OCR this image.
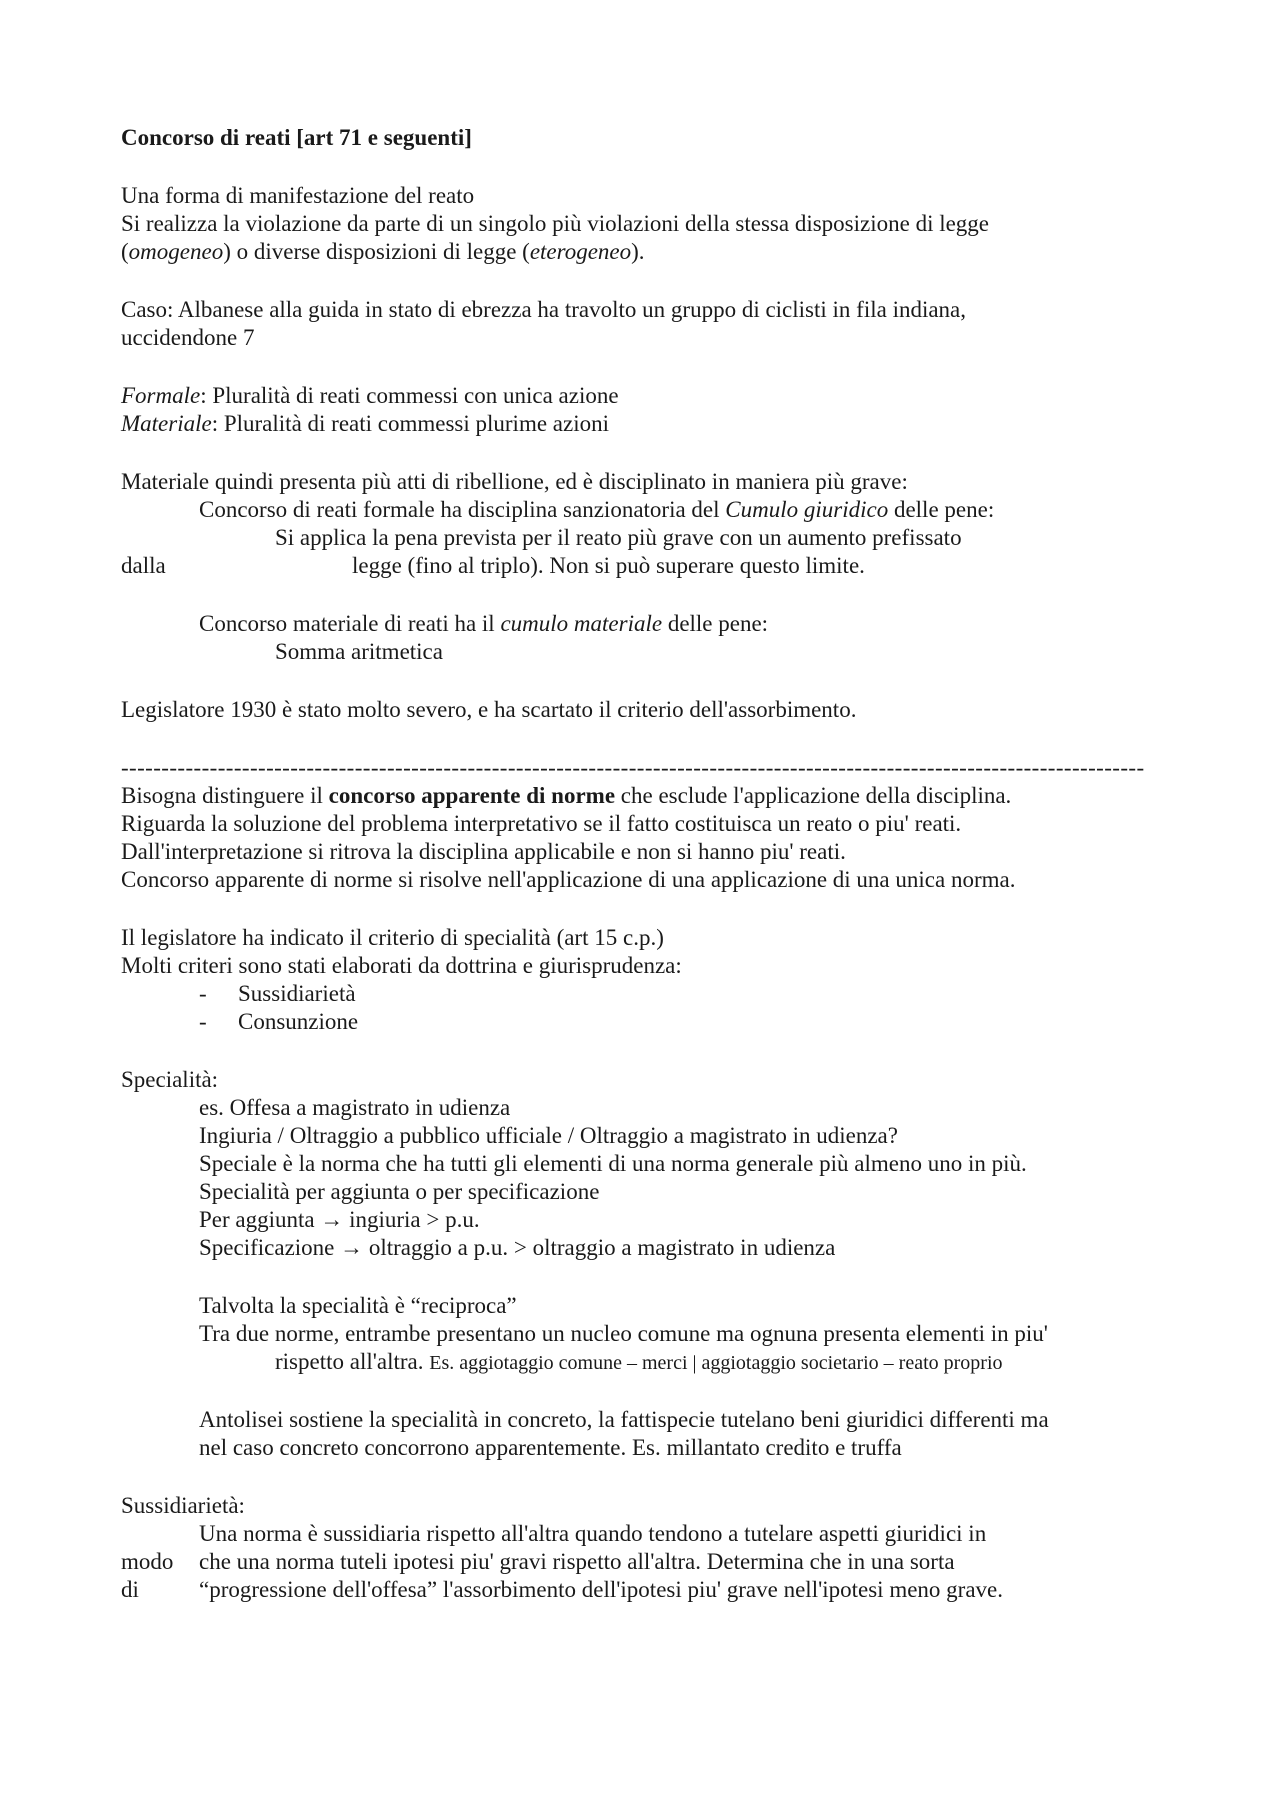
Concorso di reati [art 71 e seguenti]
Una forma di manifestazione del reato
Si realizza la violazione da parte di un singolo più violazioni della stessa disposizione di legge
(omogeneo) o diverse disposizioni di legge (eterogeneo).
Caso: Albanese alla guida in stato di ebrezza ha travolto un gruppo di ciclisti in fila indiana,
uccidendone 7
Formale: Pluralità di reati commessi con unica azione
Materiale: Pluralità di reati commessi plurime azioni
Materiale quindi presenta più atti di ribellione, ed è disciplinato in maniera più grave:
Concorso di reati formale ha disciplina sanzionatoria del Cumulo giuridico delle pene:
Si applica la pena prevista per il reato più grave con un aumento prefissato
dalla	legge (fino al triplo). Non si può superare questo limite.
Concorso materiale di reati ha il cumulo materiale delle pene:
Somma aritmetica
Legislatore 1930 è stato molto severo, e ha scartato il criterio dell'assorbimento.
-------------------------------------------------------------------------------------------------------------------------------
Bisogna distinguere il concorso apparente di norme che esclude l'applicazione della disciplina.
Riguarda la soluzione del problema interpretativo se il fatto costituisca un reato o piu' reati.
Dall'interpretazione si ritrova la disciplina applicabile e non si hanno piu' reati.
Concorso apparente di norme si risolve nell'applicazione di una applicazione di una unica norma.
Il legislatore ha indicato il criterio di specialità (art 15 c.p.)
Molti criteri sono stati elaborati da dottrina e giurisprudenza:
- Sussidiarietà
- Consunzione
Specialità:
es. Offesa a magistrato in udienza
Ingiuria / Oltraggio a pubblico ufficiale / Oltraggio a magistrato in udienza?
Speciale è la norma che ha tutti gli elementi di una norma generale più almeno uno in più.
Specialità per aggiunta o per specificazione
Per aggiunta → ingiuria > p.u.
Specificazione → oltraggio a p.u. > oltraggio a magistrato in udienza
Talvolta la specialità è “reciproca”
Tra due norme, entrambe presentano un nucleo comune ma ognuna presenta elementi in piu'
rispetto all'altra. Es. aggiotaggio comune – merci | aggiotaggio societario – reato proprio
Antolisei sostiene la specialità in concreto, la fattispecie tutelano beni giuridici differenti ma
nel caso concreto concorrono apparentemente. Es. millantato credito e truffa
Sussidiarietà:
Una norma è sussidiaria rispetto all'altra quando tendono a tutelare aspetti giuridici in
modo che una norma tuteli ipotesi piu' gravi rispetto all'altra. Determina che in una sorta
di	“progressione dell'offesa” l'assorbimento dell'ipotesi piu' grave nell'ipotesi meno grave.
